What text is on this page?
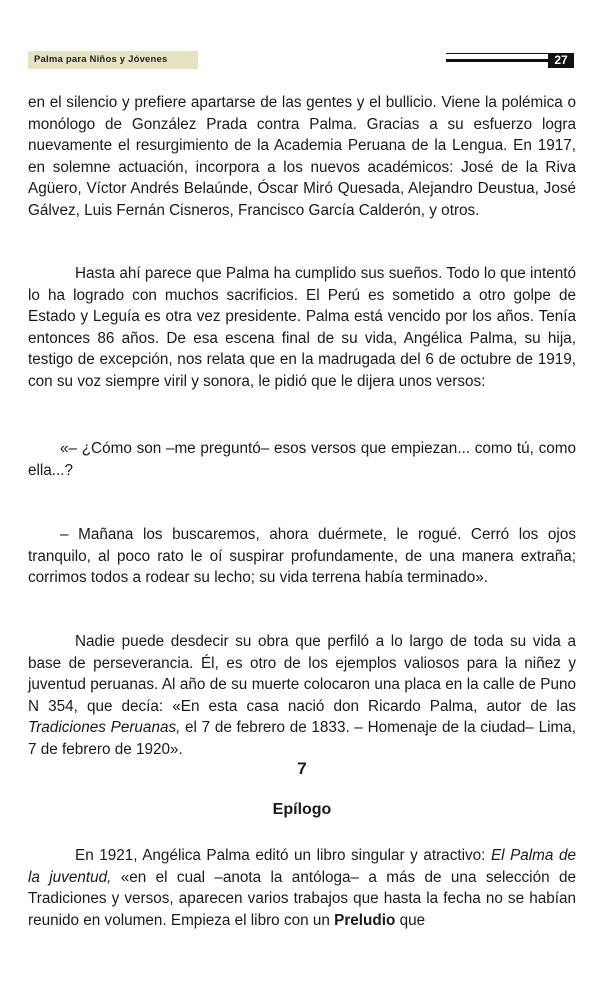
Palma para Niños y Jóvenes	27

en el silencio y prefiere apartarse de las gentes y el bullicio. Viene la polémica o monólogo de González Prada contra Palma. Gracias a su esfuerzo logra nuevamente el resurgimiento de la Academia Peruana de la Lengua. En 1917, en solemne actuación, incorpora a los nuevos académicos: José de la Riva Agüero, Víctor Andrés Belaúnde, Óscar Miró Quesada, Alejandro Deustua, José Gálvez, Luis Fernán Cisneros, Francisco García Calderón, y otros.

Hasta ahí parece que Palma ha cumplido sus sueños. Todo lo que intentó lo ha logrado con muchos sacrificios. El Perú es sometido a otro golpe de Estado y Leguía es otra vez presidente. Palma está vencido por los años. Tenía entonces 86 años. De esa escena final de su vida, Angélica Palma, su hija, testigo de excepción, nos relata que en la madrugada del 6 de octubre de 1919, con su voz siempre viril y sonora, le pidió que le dijera unos versos:

«– ¿Cómo son –me preguntó– esos versos que empiezan... como tú, como ella...?

– Mañana los buscaremos, ahora duérmete, le rogué. Cerró los ojos tranquilo, al poco rato le oí suspirar profundamente, de una manera extraña; corrimos todos a rodear su lecho; su vida terrena había terminado».

Nadie puede desdecir su obra que perfiló a lo largo de toda su vida a base de perseverancia. Él, es otro de los ejemplos valiosos para la niñez y juventud peruanas. Al año de su muerte colocaron una placa en la calle de Puno N 354, que decía: «En esta casa nació don Ricardo Palma, autor de las Tradiciones Peruanas, el 7 de febrero de 1833. – Homenaje de la ciudad– Lima, 7 de febrero de 1920».

7
Epílogo

En 1921, Angélica Palma editó un libro singular y atractivo: El Palma de la juventud, «en el cual –anota la antóloga– a más de una selección de Tradiciones y versos, aparecen varios trabajos que hasta la fecha no se habían reunido en volumen. Empieza el libro con un Preludio que
